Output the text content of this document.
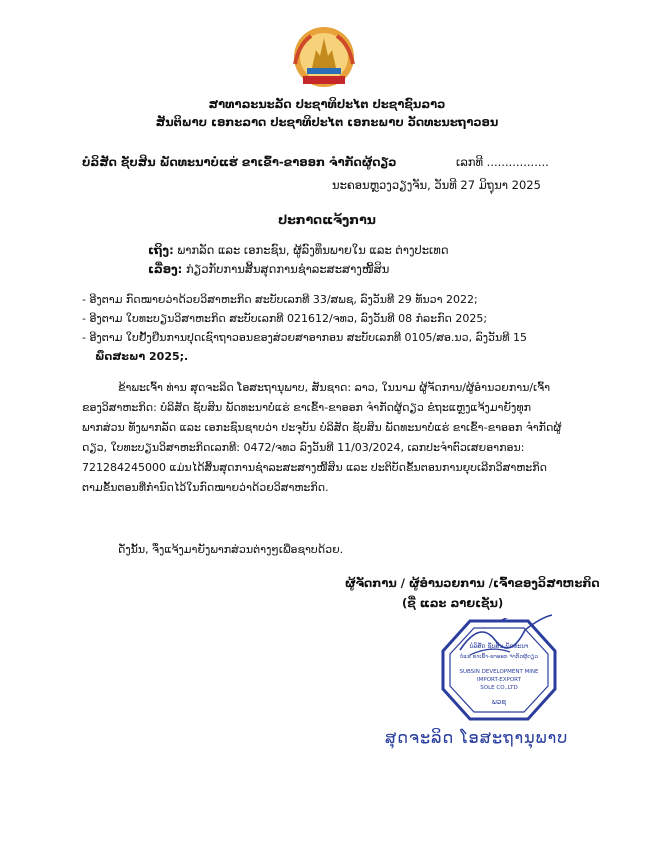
ສາທາລະນະລັດ ປະຊາທິປະໄຕ ປະຊາຊົນລາວ
ສັນຕິພາບ ເອກະລາດ ປະຊາທິປະໄຕ ເອກະພາບ ວັດທະນະຖາວອນ
ບໍລິສັດ ຊັບສິນ ພັດທະນາບໍ່ແຮ່ ຂາເຂົ້າ-ຂາອອກ ຈຳກັດຜູ້ດຽວ	ເລກທີ .................
ນະຄອນຫຼວງວຽງຈັນ, ວັນທີ 27 ມິຖຸນາ 2025
ປະກາດແຈ້ງການ
ເຖິງ: ພາກລັດ ແລະ ເອກະຊົນ, ຜູ້ລົງທຶນພາຍໃນ ແລະ ຕ່າງປະເທດ
ເລື່ອງ: ກ່ຽວກັບການສິ້ນສຸດການຊຳລະສະສາງໜີ້ສິນ
- ອີງຕາມ ກົດໝາຍວ່າດ້ວຍວິສາຫະກິດ ສະບັບເລກທີ 33/ສພຊ, ລົງວັນທີ 29 ທັນວາ 2022;
- ອີງຕາມ ໃບທະບຽນວິສາຫະກິດ ສະບັບເລກທີ 021612/ຈທວ, ລົງວັນທີ 08 ກໍລະກົດ 2025;
- ອີງຕາມ ໃບຢັ້ງຢືນການປຸດເຊົາຖາວອນຂອງສ່ວຍສາອາກອນ ສະບັບເລກທີ 0105/ສອ.ນວ, ລົງວັນທີ 15
ພຶດສະພາ 2025;.
ຂ້າພະເຈົ້າ ທ່ານ ສຸດຈະລິດ ໂອສະຖານຸພາບ, ສັນຊາດ: ລາວ, ໃນນາມ ຜູ້ຈັດການ/ຜູ້ອຳນວຍການ/ເຈົ້າ
ຂອງວິສາຫະກິດ: ບໍລິສັດ ຊັບສິນ ພັດທະນາບໍ່ແຮ່ ຂາເຂົ້າ-ຂາອອກ ຈຳກັດຜູ້ດຽວ ຂໍຖະແຫຼງແຈ້ງມາຍັງທຸກ
ພາກສ່ວນ ທັງພາກລັດ ແລະ ເອກະຊົນຊາບວ່າ ປະຈຸບັນ ບໍລິສັດ ຊັບສິນ ພັດທະນາບໍ່ແຮ່ ຂາເຂົ້າ-ຂາອອກ ຈຳກັດຜູ້
ດຽວ, ໃບທະບຽນວິສາຫະກິດເລກທີ: 0472/ຈທວ ລົງວັນທີ 11/03/2024, ເລກປະຈຳຕົວເສຍອາກອນ:
721284245000 ແມ່ນໄດ້ສິ້ນສຸດການຊຳລະສະສາງໜີ້ສິນ ແລະ ປະຕິບັດຂັ້ນຕອນການຍຸບເລີກວິສາຫະກິດ
ຕາມຂັ້ນຕອນທີ່ກຳນົດໄວ້ໃນກົດໝາຍວ່າດ້ວຍວິສາຫະກິດ.
ດັ່ງນັ້ນ, ຈຶ່ງແຈ້ງມາຍັງພາກສ່ວນຕ່າງໆເພື່ອຊາບດ້ວຍ.
ຜູ້ຈັດການ / ຜູ້ອຳນວຍການ /ເຈົ້າຂອງວິສາຫະກິດ
(ຊື່ ແລະ ລາຍເຊັນ)
ບໍລິສັດ ຊັບສິນ ພັດທະນາ
ບໍ່ແຮ່ ຂາເຂົ້າ-ຂາອອກ ຈຳກັດຜູ້ດຽວ
SUBSIN DEVELOPMENT MINE
IMPORT-EXPORT
SOLE CO.,LTD
ພວຊ
ສຸດຈະລິດ ໂອສະຖານຸພາບ
